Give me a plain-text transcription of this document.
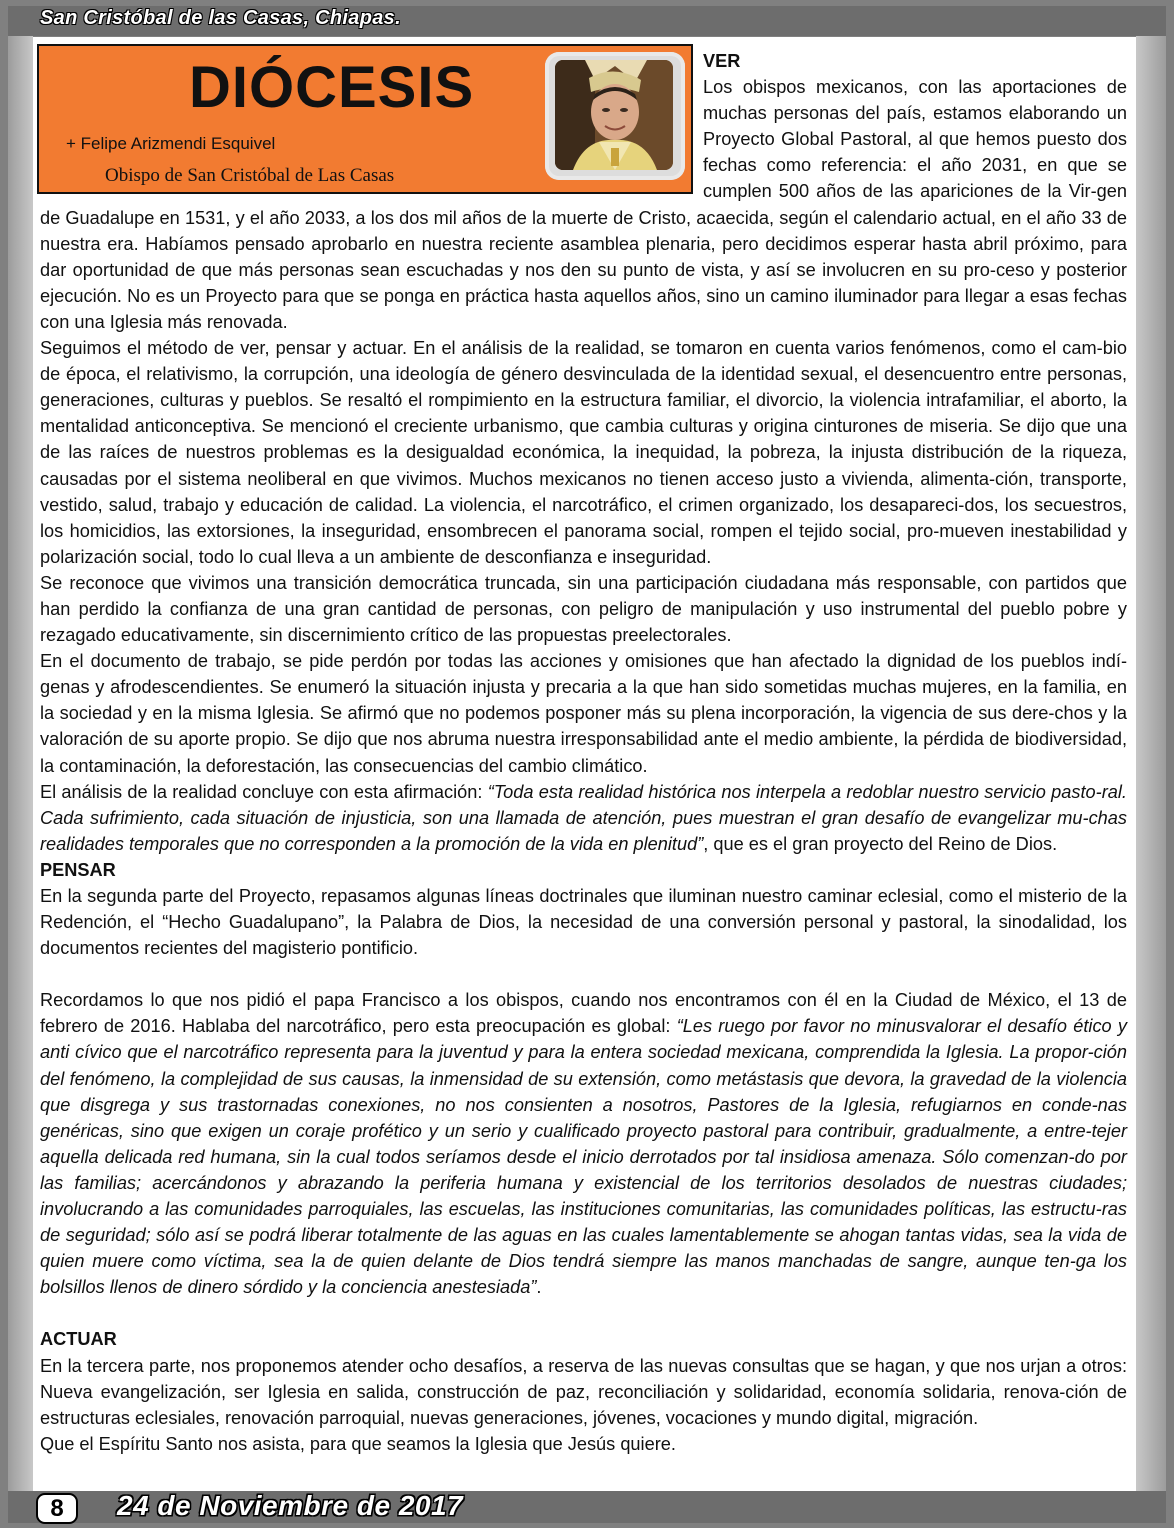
San Cristóbal de las Casas, Chiapas.
DIÓCESIS
+ Felipe Arizmendi Esquivel
Obispo de San Cristóbal de Las Casas

VER

Los obispos mexicanos, con las aportaciones de muchas personas del país, estamos elaborando un Proyecto Global Pastoral, al que hemos puesto dos fechas como referencia: el año 2031, en que se cumplen 500 años de las apariciones de la Vir-gen de Guadalupe en 1531, y el año 2033, a los dos mil años de la muerte de Cristo, acaecida, según el calendario actual, en el año 33 de nuestra era. Habíamos pensado aprobarlo en nuestra reciente asamblea plenaria, pero decidimos esperar hasta abril próximo, para dar oportunidad de que más personas sean escuchadas y nos den su punto de vista, y así se involucren en su pro-ceso y posterior ejecución. No es un Proyecto para que se ponga en práctica hasta aquellos años, sino un camino iluminador para llegar a esas fechas con una Iglesia más renovada.

Seguimos el método de ver, pensar y actuar. En el análisis de la realidad, se tomaron en cuenta varios fenómenos, como el cam-bio de época, el relativismo, la corrupción, una ideología de género desvinculada de la identidad sexual, el desencuentro entre personas, generaciones, culturas y pueblos. Se resaltó el rompimiento en la estructura familiar, el divorcio, la violencia intrafamiliar, el aborto, la mentalidad anticonceptiva. Se mencionó el creciente urbanismo, que cambia culturas y origina cinturones de miseria. Se dijo que una de las raíces de nuestros problemas es la desigualdad económica, la inequidad, la pobreza, la injusta distribución de la riqueza, causadas por el sistema neoliberal en que vivimos. Muchos mexicanos no tienen acceso justo a vivienda, alimenta-ción, transporte, vestido, salud, trabajo y educación de calidad. La violencia, el narcotráfico, el crimen organizado, los desapareci-dos, los secuestros, los homicidios, las extorsiones, la inseguridad, ensombrecen el panorama social, rompen el tejido social, pro-mueven inestabilidad y polarización social, todo lo cual lleva a un ambiente de desconfianza e inseguridad.

Se reconoce que vivimos una transición democrática truncada, sin una participación ciudadana más responsable, con partidos que han perdido la confianza de una gran cantidad de personas, con peligro de manipulación y uso instrumental del pueblo pobre y rezagado educativamente, sin discernimiento crítico de las propuestas preelectorales.

En el documento de trabajo, se pide perdón por todas las acciones y omisiones que han afectado la dignidad de los pueblos indí-genas y afrodescendientes. Se enumeró la situación injusta y precaria a la que han sido sometidas muchas mujeres, en la familia, en la sociedad y en la misma Iglesia. Se afirmó que no podemos posponer más su plena incorporación, la vigencia de sus dere-chos y la valoración de su aporte propio. Se dijo que nos abruma nuestra irresponsabilidad ante el medio ambiente, la pérdida de biodiversidad, la contaminación, la deforestación, las consecuencias del cambio climático.

El análisis de la realidad concluye con esta afirmación: “Toda esta realidad histórica nos interpela a redoblar nuestro servicio pasto-ral. Cada sufrimiento, cada situación de injusticia, son una llamada de atención, pues muestran el gran desafío de evangelizar mu-chas realidades temporales que no corresponden a la promoción de la vida en plenitud”, que es el gran proyecto del Reino de Dios.

PENSAR

En la segunda parte del Proyecto, repasamos algunas líneas doctrinales que iluminan nuestro caminar eclesial, como el misterio de la Redención, el “Hecho Guadalupano”, la Palabra de Dios, la necesidad de una conversión personal y pastoral, la sinodalidad, los documentos recientes del magisterio pontificio.

Recordamos lo que nos pidió el papa Francisco a los obispos, cuando nos encontramos con él en la Ciudad de México, el 13 de febrero de 2016. Hablaba del narcotráfico, pero esta preocupación es global: “Les ruego por favor no minusvalorar el desafío ético y anti cívico que el narcotráfico representa para la juventud y para la entera sociedad mexicana, comprendida la Iglesia. La propor-ción del fenómeno, la complejidad de sus causas, la inmensidad de su extensión, como metástasis que devora, la gravedad de la violencia que disgrega y sus trastornadas conexiones, no nos consienten a nosotros, Pastores de la Iglesia, refugiarnos en conde-nas genéricas, sino que exigen un coraje profético y un serio y cualificado proyecto pastoral para contribuir, gradualmente, a entre-tejer aquella delicada red humana, sin la cual todos seríamos desde el inicio derrotados por tal insidiosa amenaza. Sólo comenzan-do por las familias; acercándonos y abrazando la periferia humana y existencial de los territorios desolados de nuestras ciudades; involucrando a las comunidades parroquiales, las escuelas, las instituciones comunitarias, las comunidades políticas, las estructu-ras de seguridad; sólo así se podrá liberar totalmente de las aguas en las cuales lamentablemente se ahogan tantas vidas, sea la vida de quien muere como víctima, sea la de quien delante de Dios tendrá siempre las manos manchadas de sangre, aunque ten-ga los bolsillos llenos de dinero sórdido y la conciencia anestesiada”.

ACTUAR

En la tercera parte, nos proponemos atender ocho desafíos, a reserva de las nuevas consultas que se hagan, y que nos urjan a otros: Nueva evangelización, ser Iglesia en salida, construcción de paz, reconciliación y solidaridad, economía solidaria, renova-ción de estructuras eclesiales, renovación parroquial, nuevas generaciones, jóvenes, vocaciones y mundo digital, migración.

Que el Espíritu Santo nos asista, para que seamos la Iglesia que Jesús quiere.

8	24 de Noviembre de 2017
